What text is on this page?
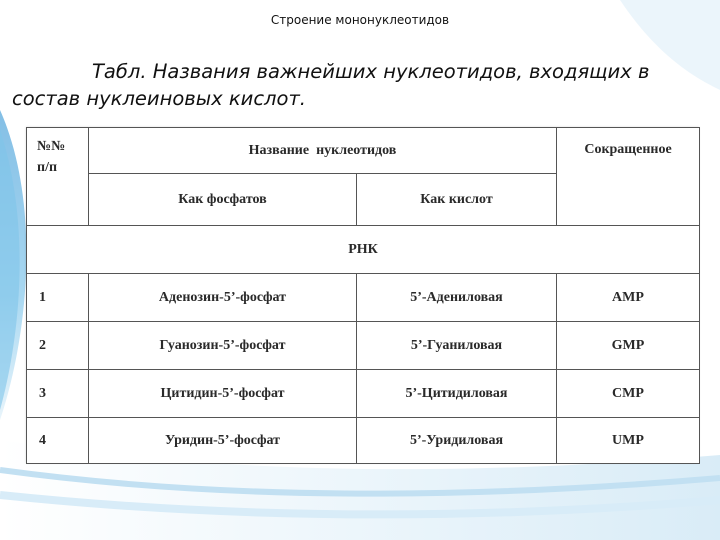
Строение мононуклеотидов
Табл. Названия важнейших нуклеотидов, входящих в
состав нуклеиновых кислот.
№№
п/п	Название  нуклеотидов		Сокращенное
	Как фосфатов	Как кислот	
РНК			
1	Аденозин-5’-фосфат	5’-Адениловая	AMP
2	Гуанозин-5’-фосфат	5’-Гуаниловая	GMP
3	Цитидин-5’-фосфат	5’-Цитидиловая	CMP
4	Уридин-5’-фосфат	5’-Уридиловая	UMP
